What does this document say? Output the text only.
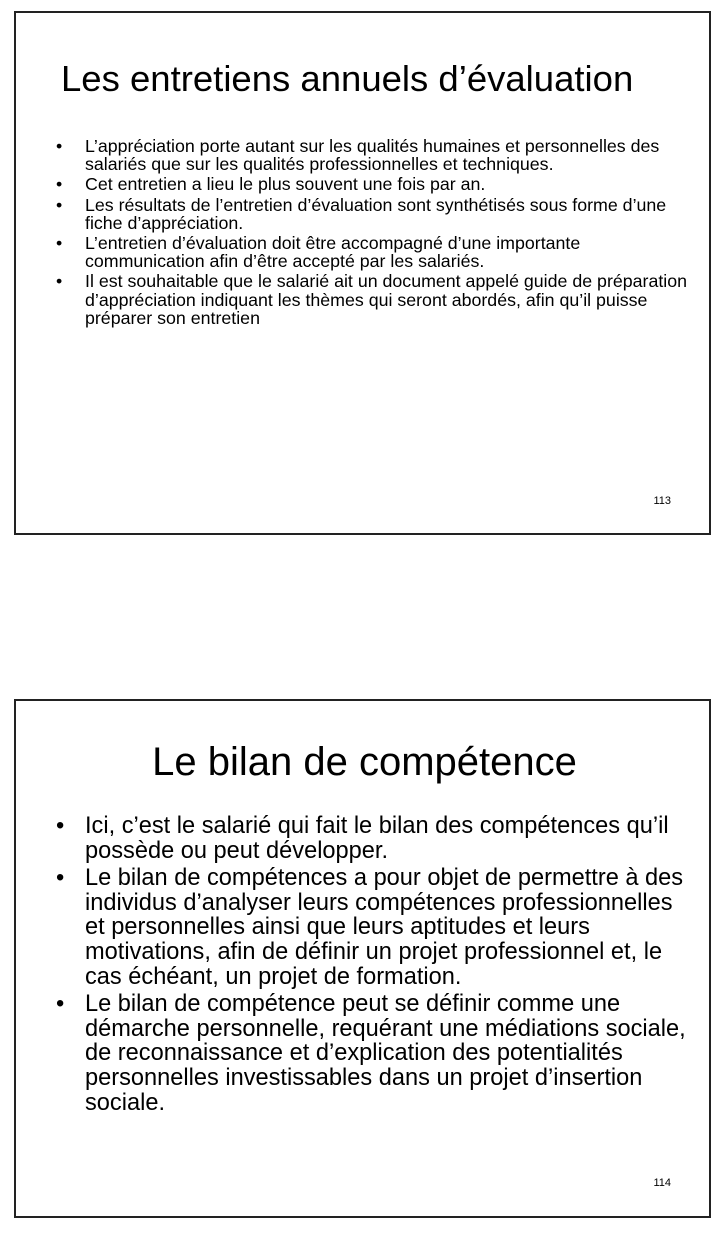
Les entretiens annuels d’évaluation
• L’appréciation porte autant sur les qualités humaines et personnelles des salariés que sur les qualités professionnelles et techniques.
• Cet entretien a lieu le plus souvent une fois par an.
• Les résultats de l’entretien d’évaluation sont synthétisés sous forme d’une fiche d’appréciation.
• L’entretien d’évaluation doit être accompagné d’une importante communication afin d’être accepté par les salariés.
• Il est souhaitable que le salarié ait un document appelé guide de préparation d’appréciation indiquant les thèmes qui seront abordés, afin qu’il puisse préparer son entretien
113
Le bilan de compétence
• Ici, c’est le salarié qui fait le bilan des compétences qu’il possède ou peut développer.
• Le bilan de compétences a pour objet de permettre à des individus d’analyser leurs compétences professionnelles et personnelles ainsi que leurs aptitudes et leurs motivations, afin de définir un projet professionnel et, le cas échéant, un projet de formation.
• Le bilan de compétence peut se définir comme une démarche personnelle, requérant une médiations sociale, de reconnaissance et d’explication des potentialités personnelles investissables dans un projet d’insertion sociale.
114
